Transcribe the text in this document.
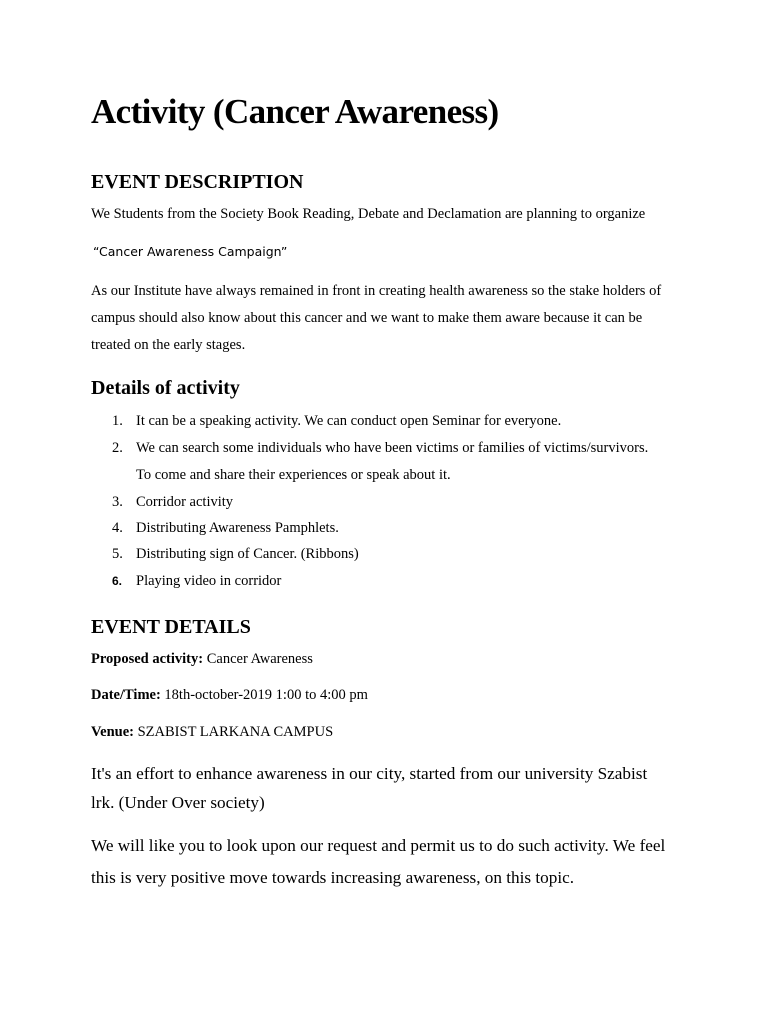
Activity (Cancer Awareness)
EVENT DESCRIPTION

We Students from the Society Book Reading, Debate and Declamation are planning to organize

“Cancer Awareness Campaign”

As our Institute have always remained in front in creating health awareness so the stake holders of
campus should also know about this cancer and we want to make them aware because it can be
treated on the early stages.

Details of activity
1. It can be a speaking activity. We can conduct open Seminar for everyone.
2. We can search some individuals who have been victims or families of victims/survivors.
To come and share their experiences or speak about it.
3. Corridor activity
4. Distributing Awareness Pamphlets.
5. Distributing sign of Cancer. (Ribbons)
6. Playing video in corridor
EVENT DETAILS

Proposed activity: Cancer Awareness

Date/Time: 18th-october-2019 1:00 to 4:00 pm

Venue: SZABIST LARKANA CAMPUS

It's an effort to enhance awareness in our city, started from our university Szabist
lrk. (Under Over society)

We will like you to look upon our request and permit us to do such activity. We feel
this is very positive move towards increasing awareness, on this topic.
